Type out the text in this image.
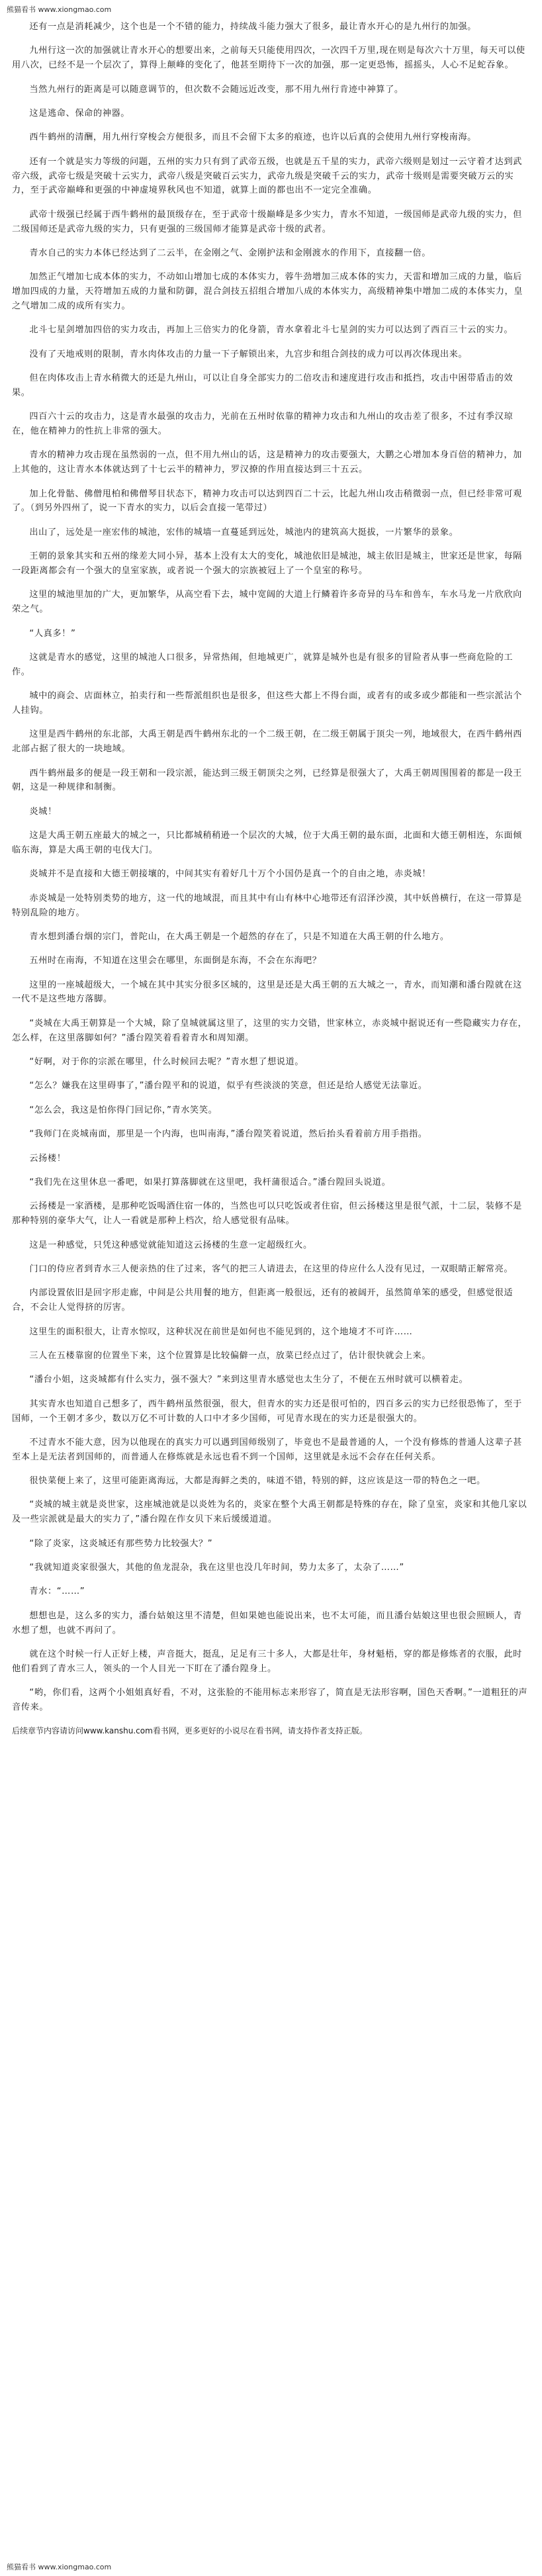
熊猫看书 www.xiongmao.com

还有一点是消耗减少，这个也是一个不错的能力，持续战斗能力强大了很多，最让青水开心的是九州行的加强。

九州行这一次的加强就让青水开心的想要出来，之前每天只能使用四次，一次四千万里,现在则是每次六十万里，每天可以使用八次，已经不是一个层次了，算得上颠峰的变化了，他甚至期待下一次的加强，那一定更恐怖，摇摇头，人心不足蛇吞象。

当然九州行的距离是可以随意调节的，但次数不会随远近改变，那不用九州行肯迹中神算了。

这是逃命、保命的神器。

西牛鹤州的清酬，用九州行穿梭会方便很多，而且不会留下太多的痕迹，也许以后真的会使用九州行穿梭南海。

还有一个就是实力等级的问题，五州的实力只有到了武帝五级，也就是五千星的实力，武帝六级则是划过一云守着才达到武帝六级，武帝七级是突破十云实力，武帝八级是突破百云实力，武帝九级是突破千云的实力，武帝十级则是需要突破万云的实力，至于武帝巅峰和更强的中神虚境界秋风也不知道，就算上面的都也出不一定完全准确。

武帝十级强已经属于西牛鹤州的最顶级存在，至于武帝十级巅峰是多少实力，青水不知道，一级国师是武帝九级的实力，但二级国师还是武帝九级的实力，只有更强的三级国师才能算是武帝十级的武者。

青水自己的实力本体已经达到了二云半，在金刚之气、金刚护法和金刚渡水的作用下，直接翻一倍。

加然正气增加七成本体的实力，不动如山增加七成的本体实力，蓉牛劲增加三成本体的实力，天雷和增加三成的力量，临后增加四成的力量，天符增加五成的力量和防御，混合剑技五招组合增加八成的本体实力，高级精神集中增加二成的本体实力，皇之气增加二成的成所有实力。

北斗七星剑增加四倍的实力攻击，再加上三倍实力的化身箭，青水拿着北斗七星剑的实力可以达到了西百三十云的实力。

没有了天地戒则的限制，青水肉体攻击的力量一下子解锁出来，九宫步和组合剑技的成力可以再次体现出来。

但在肉体攻击上青水稍微大的还是九州山，可以让自身全部实力的二倍攻击和速度进行攻击和抵挡，攻击中困带盾击的效果。

四百六十云的攻击力，这是青水最强的攻击力，光前在五州时依靠的精神力攻击和九州山的攻击差了很多，不过有季汉琼在，他在精神力的性抗上非常的强大。

青水的精神力攻击现在虽然弱的一点，但不用九州山的话，这是精神力的攻击要强大，大鹏之心增加本身百倍的精神力，加上其他的，这让青水本体就达到了十七云半的精神力，罗汉撩的作用直接达到三十五云。

加上化骨骷、佛僧甩柏和佛僧琴目状态下，精神力攻击可以达到四百二十云，比起九州山攻击稍微弱一点，但已经非常可观了。（到另外四州了，说一下青水的实力，以后会直接一笔带过）

出山了，远处是一座宏伟的城池，宏伟的城墙一直蔓延到远处，城池内的建筑高大挺拔，一片繁华的景象。

王朝的景象其实和五州的缘差大同小异，基本上没有太大的变化，城池依旧是城池，城主依旧是城主，世家还是世家，每隔一段距离都会有一个强大的皇室家族，或者说一个强大的宗族被冠上了一个皇室的称号。

这里的城池里加的广大，更加繁华，从高空看下去，城中宽阔的大道上行鳞着许多奇异的马车和兽车，车水马龙一片欣欣向荣之气。

“人真多！”

这就是青水的感觉，这里的城池人口很多，异常热闹，但地城更广，就算是城外也是有很多的冒险者从事一些商危险的工作。

城中的商会、店面林立，拍卖行和一些帮派组织也是很多，但这些大都上不得台面，或者有的或多或少都能和一些宗派沾个人挂钩。

这里是西牛鹤州的东北部，大禹王朝是西牛鹤州东北的一个二级王朝，在二级王朝属于顶尖一列，地域很大，在西牛鹤州西北部占据了很大的一块地域。

西牛鹤州最多的便是一段王朝和一段宗派，能达到三级王朝顶尖之列，已经算是很强大了，大禹王朝周围围着的都是一段王朝，这是一种规律和制衡。

炎城！

这是大禹王朝五座最大的城之一，只比都城稍稍逊一个层次的大城，位于大禹王朝的最东面，北面和大德王朝相连，东面倾临东海，算是大禹王朝的屯伐大门。

炎城并不是直接和大德王朝接壤的，中间其实有着好几十万个小国仍是真一个的自由之地，赤炎城！

赤炎城是一处特别类势的地方，这一代的地域混，而且其中有山有林中心地带还有沼泽沙漠，其中妖兽横行，在这一带算是特别乱险的地方。

青水想到潘台烟的宗门，普陀山，在大禹王朝是一个超然的存在了，只是不知道在大禹王朝的什么地方。

五州时在南海，不知道在这里会在哪里，东面倒是东海，不会在东海吧？

这里的一座城超级大，一个城在其中其实分很多区城的，这里是还是大禹王朝的五大城之一，青水，而知潮和潘台隍就在这一代不是这些地方落脚。

“炎城在大禹王朝算是一个大城，除了皇城就属这里了，这里的实力交错，世家林立，赤炎城中据说还有一些隐藏实力存在，怎么样，在这里落脚如何？”潘台隍笑着看着青水和周知潮。

“好啊，对于你的宗派在哪里，什么时候回去呢？”青水想了想说道。

“怎么？嫌我在这里碍事了，”潘台隍平和的说道，似乎有些淡淡的笑意，但还是给人感觉无法靠近。

“怎么会，我这是怕你得门回记你，”青水笑笑。

“我师门在炎城南面，那里是一个内海，也叫南海，”潘台隍笑着说道，然后抬头看着前方用手指指。

云扬楼！

“我们先在这里休息一番吧，如果打算落脚就在这里吧，我杆蒲很适合。”潘台隍回头说道。

云扬楼是一家酒楼，是那种吃饭喝酒住宿一体的，当然也可以只吃饭或者住宿，但云扬楼这里是很气派，十二层，装修不是那种特别的豪华大气，让人一看就是那种上档次，给人感觉很有品味。

这是一种感觉，只凭这种感觉就能知道这云扬楼的生意一定超级红火。

门口的侍应者到青水三人便亲热的住了过来，客气的把三人请进去，在这里的侍应什么人没有见过，一双眼睛正解常亮。

内部设置依旧是回字形走廊，中间是公共用餐的地方，但距离一般很远，还有的被阔开，虽然简单笨的感受，但感觉很适合，不会让人觉得挤的厉害。

这里生的面积很大，让青水惊叹，这种状况在前世是如何也不能见到的，这个地境才不可许……

三人在五楼靠窗的位置坐下来，这个位置算是比较偏僻一点，放菜已经点过了，估计很快就会上来。

“潘台小姐，这炎城都有什么实力，强不强大？”来到这里青水感觉也太生分了，不便在五州时就可以横着走。

其实青水也知道自己想多了，西牛鹤州虽然很强，很大，但青水的实力还是很可怕的，四百多云的实力已经很恐怖了，至于国师，一个王朝才多少，数以万亿不可计数的人口中才多少国师，可见青水现在的实力还是很强大的。

不过青水不能大意，因为以他现在的真实力可以遇到国师级别了，毕竟也不是最普通的人，一个没有修炼的普通人这辈子甚至本上是无法者到国师的，而普通人在修炼就是永远也看不到一个国师，这里就是永远不会存在任何关系。

很快菜便上来了，这里可能距离海远，大都是海鲜之类的，味道不错，特别的鲜，这应该是这一带的特色之一吧。

“炎城的城主就是炎世家，这座城池就是以炎姓为名的，炎家在整个大禹王朝都是特殊的存在，除了皇室，炎家和其他几家以及一些宗派就是最大的实力了，”潘台隍在作女贝下来后缓缓道道。

“除了炎家，这炎城还有那些势力比较强大？”

“我就知道炎家很强大，其他的鱼龙混杂，我在这里也没几年时间，势力太多了，太杂了……”

青水：“……”

想想也是，这么多的实力，潘台姑娘这里不清楚，但如果她也能说出来，也不太可能，而且潘台姑娘这里也很会照顾人，青水想了想，也就不再问了。

就在这个时候一行人正好上楼，声音挺大，挺乱，足足有三十多人，大都是壮年，身材魁梧，穿的都是修炼者的衣服，此时他们看到了青水三人，领头的一个人目光一下盯在了潘台隍身上。

“哟，你们看，这两个小姐姐真好看，不对，这张脸的不能用标志来形容了，简直是无法形容啊，国色天香啊。”一道粗狂的声音传来。

后续章节内容请访问www.kanshu.com看书网，更多更好的小说尽在看书网，请支持作者支持正版。
熊猫看书 www.xiongmao.com
